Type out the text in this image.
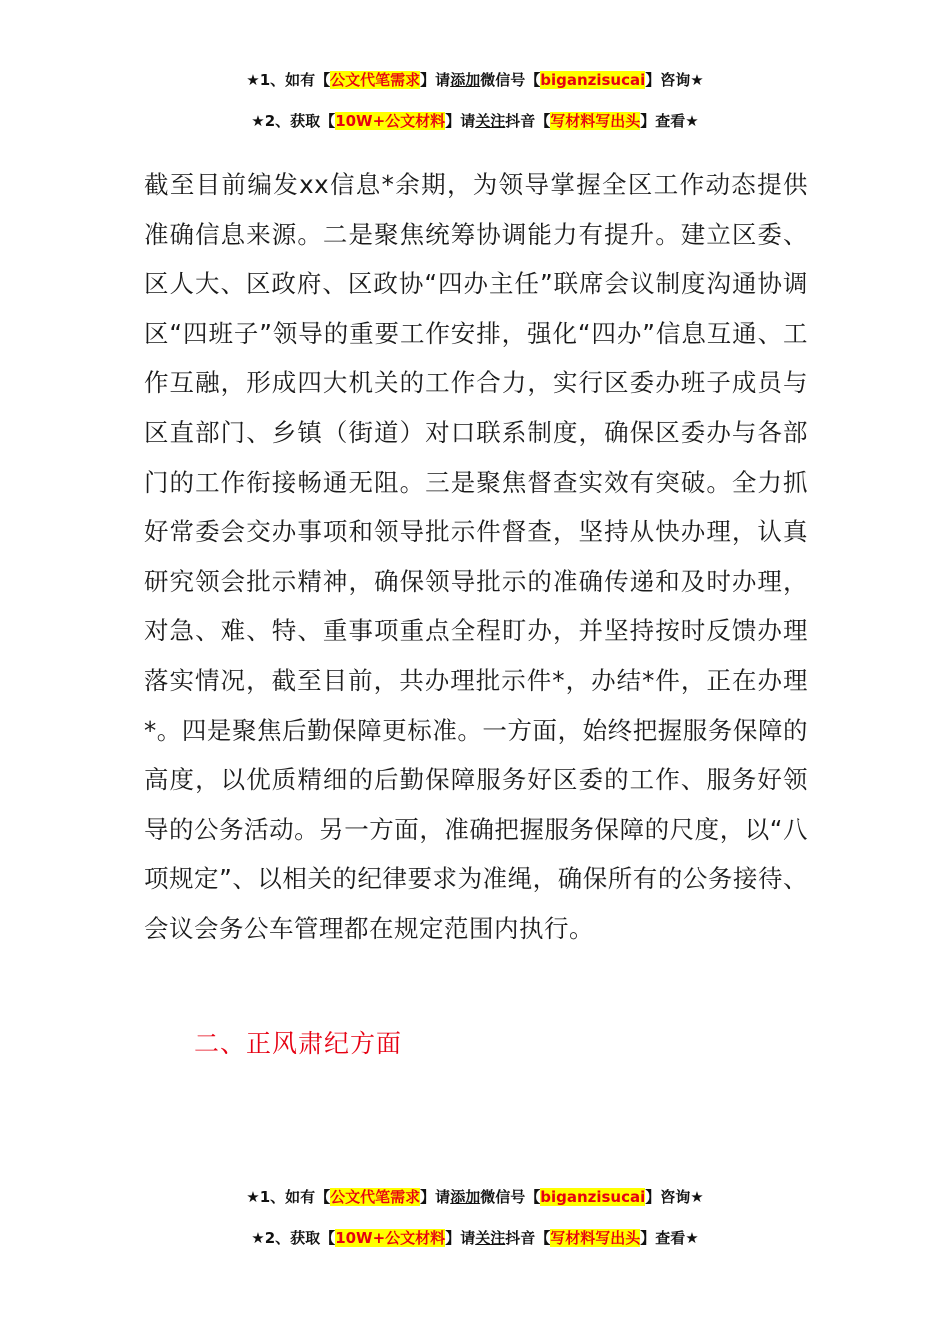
★1、如有【公文代笔需求】请添加微信号【biganzisucai】咨询★
★2、获取【10W+公文材料】请关注抖音【写材料写出头】查看★

截至目前编发xx信息*余期，为领导掌握全区工作动态提供准确信息来源。二是聚焦统筹协调能力有提升。建立区委、区人大、区政府、区政协“四办主任”联席会议制度沟通协调区“四班子”领导的重要工作安排，强化“四办”信息互通、工作互融，形成四大机关的工作合力，实行区委办班子成员与区直部门、乡镇（街道）对口联系制度，确保区委办与各部门的工作衔接畅通无阻。三是聚焦督查实效有突破。全力抓好常委会交办事项和领导批示件督查，坚持从快办理，认真研究领会批示精神，确保领导批示的准确传递和及时办理，对急、难、特、重事项重点全程盯办，并坚持按时反馈办理落实情况，截至目前，共办理批示件*，办结*件，正在办理*。四是聚焦后勤保障更标准。一方面，始终把握服务保障的高度，以优质精细的后勤保障服务好区委的工作、服务好领导的公务活动。另一方面，准确把握服务保障的尺度，以“八项规定”、以相关的纪律要求为准绳，确保所有的公务接待、会议会务公车管理都在规定范围内执行。

二、正风肃纪方面
★1、如有【公文代笔需求】请添加微信号【biganzisucai】咨询★
★2、获取【10W+公文材料】请关注抖音【写材料写出头】查看★
